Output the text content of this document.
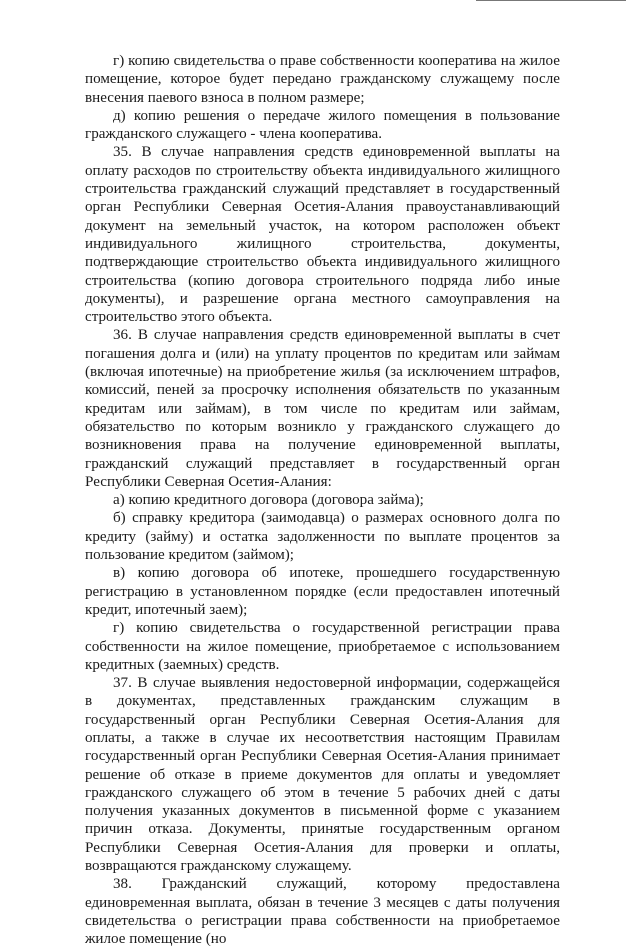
г) копию свидетельства о праве собственности кооператива на жилое помещение, которое будет передано гражданскому служащему после внесения паевого взноса в полном размере;

д) копию решения о передаче жилого помещения в пользование гражданского служащего - члена кооператива.

35. В случае направления средств единовременной выплаты на оплату расходов по строительству объекта индивидуального жилищного строительства гражданский служащий представляет в государственный орган Республики Северная Осетия-Алания правоустанавливающий документ на земельный участок, на котором расположен объект индивидуального жилищного строительства, документы, подтверждающие строительство объекта индивидуального жилищного строительства (копию договора строительного подряда либо иные документы), и разрешение органа местного самоуправления на строительство этого объекта.

36. В случае направления средств единовременной выплаты в счет погашения долга и (или) на уплату процентов по кредитам или займам (включая ипотечные) на приобретение жилья (за исключением штрафов, комиссий, пеней за просрочку исполнения обязательств по указанным кредитам или займам), в том числе по кредитам или займам, обязательство по которым возникло у гражданского служащего до возникновения права на получение единовременной выплаты, гражданский служащий представляет в государственный орган Республики Северная Осетия-Алания:

а) копию кредитного договора (договора займа);

б) справку кредитора (заимодавца) о размерах основного долга по кредиту (займу) и остатка задолженности по выплате процентов за пользование кредитом (займом);

в) копию договора об ипотеке, прошедшего государственную регистрацию в установленном порядке (если предоставлен ипотечный кредит, ипотечный заем);

г) копию свидетельства о государственной регистрации права собственности на жилое помещение, приобретаемое с использованием кредитных (заемных) средств.

37. В случае выявления недостоверной информации, содержащейся в документах, представленных гражданским служащим в государственный орган Республики Северная Осетия-Алания для оплаты, а также в случае их несоответствия настоящим Правилам государственный орган Республики Северная Осетия-Алания принимает решение об отказе в приеме документов для оплаты и уведомляет гражданского служащего об этом в течение 5 рабочих дней с даты получения указанных документов в письменной форме с указанием причин отказа. Документы, принятые государственным органом Республики Северная Осетия-Алания для проверки и оплаты, возвращаются гражданскому служащему.

38. Гражданский служащий, которому предоставлена единовременная выплата, обязан в течение 3 месяцев с даты получения свидетельства о регистрации права собственности на приобретаемое жилое помещение (но
